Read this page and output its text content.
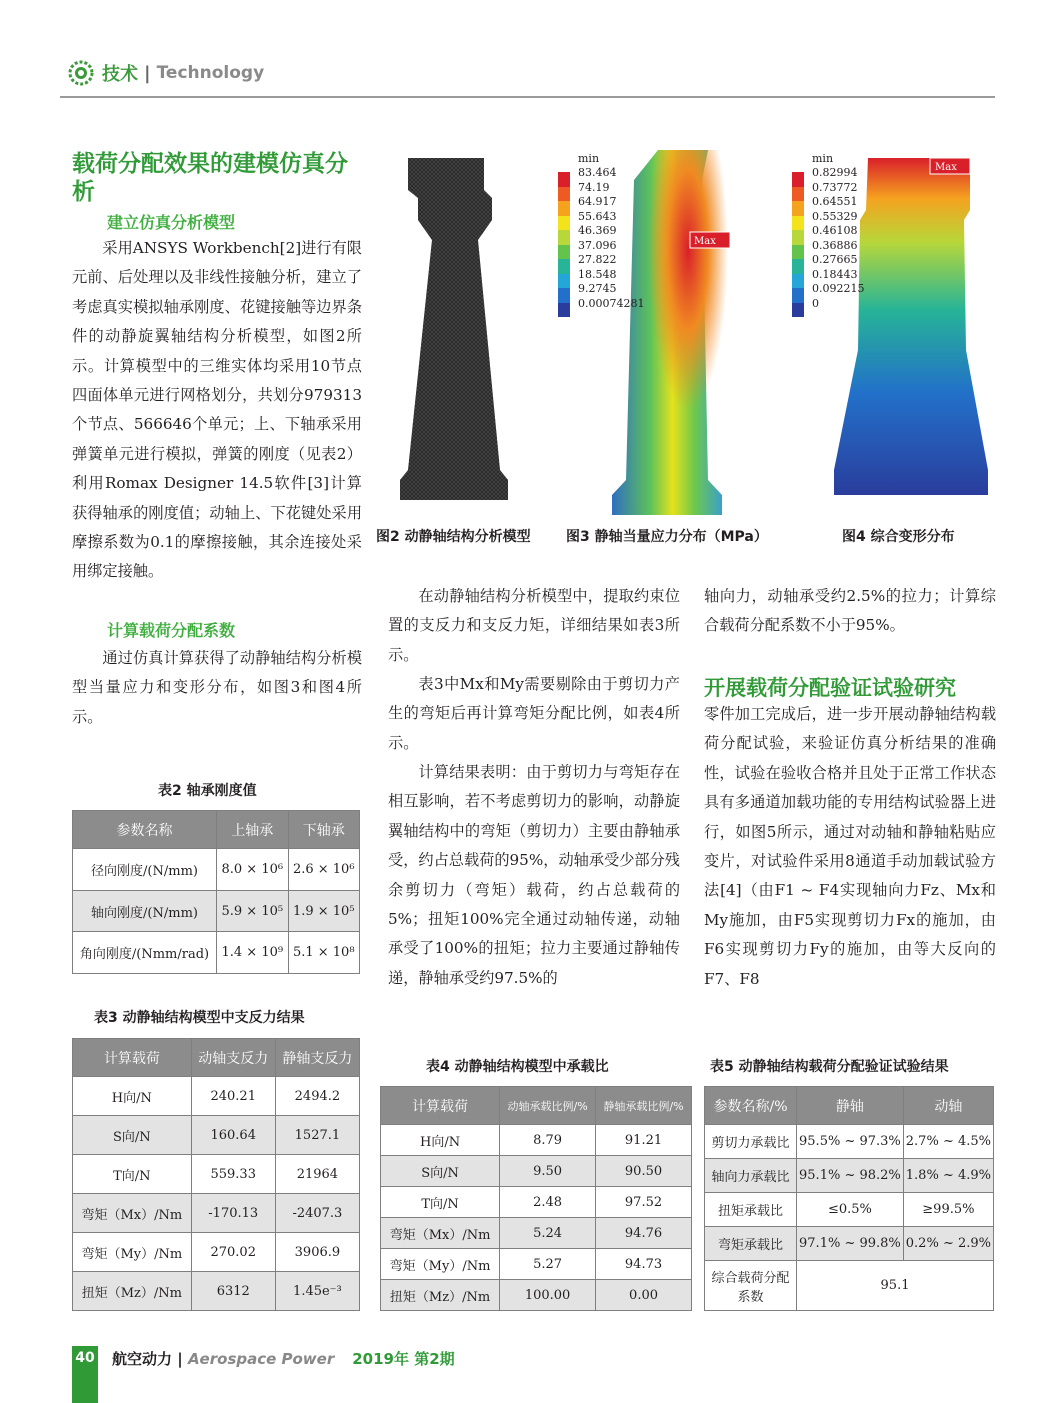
技术 | Technology
载荷分配效果的建模仿真分析
建立仿真分析模型
采用ANSYS Workbench[2]进行有限元前、后处理以及非线性接触分析，建立了考虑真实模拟轴承刚度、花键接触等边界条件的动静旋翼轴结构分析模型，如图2所示。计算模型中的三维实体均采用10节点四面体单元进行网格划分，共划分979313个节点、566646个单元；上、下轴承采用弹簧单元进行模拟，弹簧的刚度（见表2）利用Romax Designer 14.5软件[3]计算获得轴承的刚度值；动轴上、下花键处采用摩擦系数为0.1的摩擦接触，其余连接处采用绑定接触。
计算载荷分配系数
通过仿真计算获得了动静轴结构分析模型当量应力和变形分布，如图3和图4所示。
Max
Max
min
83.464
74.19
64.917
55.643
46.369
37.096
27.822
18.548
9.2745
0.00074281
min
0.82994
0.73772
0.64551
0.55329
0.46108
0.36886
0.27665
0.18443
0.092215
0
图2 动静轴结构分析模型	图3 静轴当量应力分布（MPa）	图4 综合变形分布
在动静轴结构分析模型中，提取约束位置的支反力和支反力矩，详细结果如表3所示。
表3中Mx和My需要剔除由于剪切力产生的弯矩后再计算弯矩分配比例，如表4所示。
计算结果表明：由于剪切力与弯矩存在相互影响，若不考虑剪切力的影响，动静旋翼轴结构中的弯矩（剪切力）主要由静轴承受，约占总载荷的95%，动轴承受少部分残余剪切力（弯矩）载荷，约占总载荷的5%；扭矩100%完全通过动轴传递，动轴承受了100%的扭矩；拉力主要通过静轴传递，静轴承受约97.5%的
轴向力，动轴承受约2.5%的拉力；计算综合载荷分配系数不小于95%。
开展载荷分配验证试验研究
零件加工完成后，进一步开展动静轴结构载荷分配试验，来验证仿真分析结果的准确性，试验在验收合格并且处于正常工作状态具有多通道加载功能的专用结构试验器上进行，如图5所示，通过对动轴和静轴粘贴应变片，对试验件采用8通道手动加载试验方法[4]（由F1 ~ F4实现轴向力Fz、Mx和My施加，由F5实现剪切力Fx的施加，由F6实现剪切力Fy的施加，由等大反向的F7、F8
表2 轴承刚度值
参数名称	上轴承	下轴承
径向刚度/(N/mm)	8.0 × 10⁶	2.6 × 10⁶
轴向刚度/(N/mm)	5.9 × 10⁵	1.9 × 10⁵
角向刚度/(Nmm/rad)	1.4 × 10⁹	5.1 × 10⁸
表3 动静轴结构模型中支反力结果
计算载荷	动轴支反力	静轴支反力
H向/N	240.21	2494.2
S向/N	160.64	1527.1
T向/N	559.33	21964
弯矩（Mx）/Nm	-170.13	-2407.3
弯矩（My）/Nm	270.02	3906.9
扭矩（Mz）/Nm	6312	1.45e⁻³
表4 动静轴结构模型中承载比
计算载荷	动轴承载比例/%	静轴承载比例/%
H向/N	8.79	91.21
S向/N	9.50	90.50
T向/N	2.48	97.52
弯矩（Mx）/Nm	5.24	94.76
弯矩（My）/Nm	5.27	94.73
扭矩（Mz）/Nm	100.00	0.00
表5 动静轴结构载荷分配验证试验结果
参数名称/%	静轴	动轴
剪切力承载比	95.5% ~ 97.3%	2.7% ~ 4.5%
轴向力承载比	95.1% ~ 98.2%	1.8% ~ 4.9%
扭矩承载比	≤0.5%	≥99.5%
弯矩承载比	97.1% ~ 99.8%	0.2% ~ 2.9%
综合载荷分配系数	95.1	
40 航空动力 | Aerospace Power 2019年 第2期
